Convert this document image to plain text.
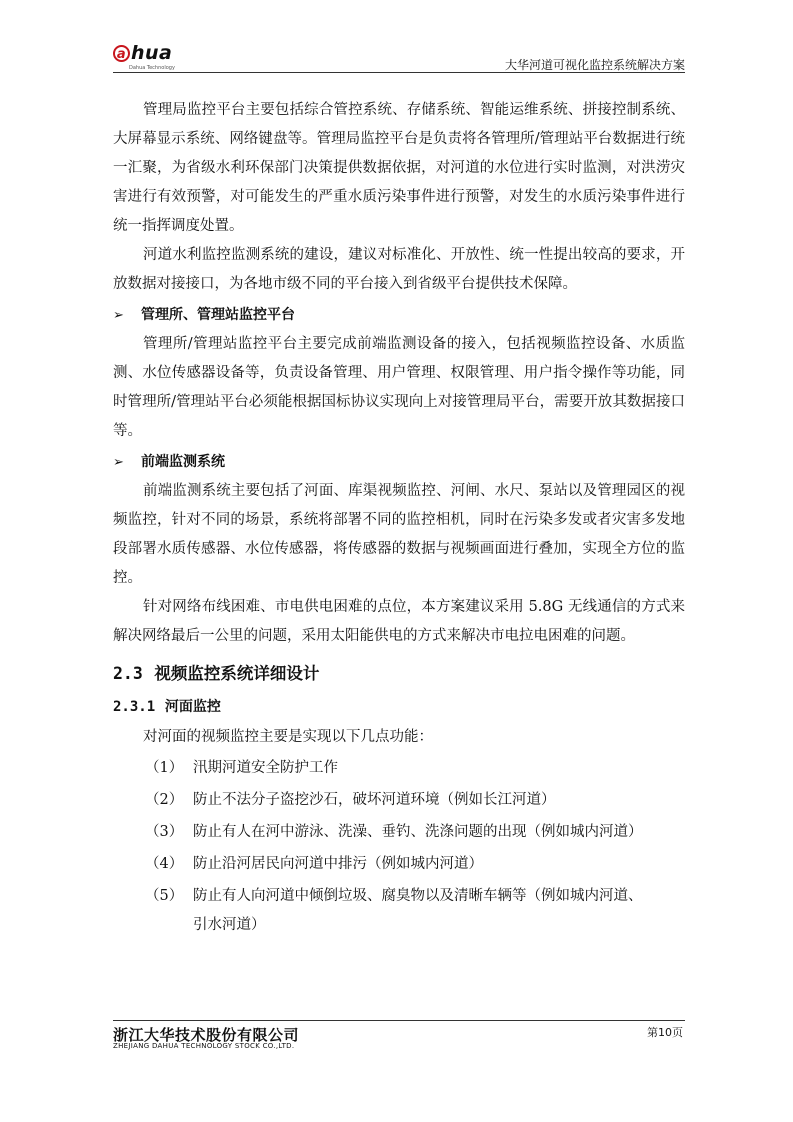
a hua
Dahua Technology	大华河道可视化监控系统解决方案

管理局监控平台主要包括综合管控系统、存储系统、智能运维系统、拼接控制系统、大屏幕显示系统、网络键盘等。管理局监控平台是负责将各管理所/管理站平台数据进行统一汇聚，为省级水利环保部门决策提供数据依据，对河道的水位进行实时监测，对洪涝灾害进行有效预警，对可能发生的严重水质污染事件进行预警，对发生的水质污染事件进行统一指挥调度处置。

河道水利监控监测系统的建设，建议对标准化、开放性、统一性提出较高的要求，开放数据对接接口，为各地市级不同的平台接入到省级平台提供技术保障。

➢ 管理所、管理站监控平台

管理所/管理站监控平台主要完成前端监测设备的接入，包括视频监控设备、水质监测、水位传感器设备等，负责设备管理、用户管理、权限管理、用户指令操作等功能，同时管理所/管理站平台必须能根据国标协议实现向上对接管理局平台，需要开放其数据接口等。

➢ 前端监测系统

前端监测系统主要包括了河面、库渠视频监控、河闸、水尺、泵站以及管理园区的视频监控，针对不同的场景，系统将部署不同的监控相机，同时在污染多发或者灾害多发地段部署水质传感器、水位传感器，将传感器的数据与视频画面进行叠加，实现全方位的监控。

针对网络布线困难、市电供电困难的点位，本方案建议采用 5.8G 无线通信的方式来解决网络最后一公里的问题，采用太阳能供电的方式来解决市电拉电困难的问题。

2.3 视频监控系统详细设计
2.3.1 河面监控

对河面的视频监控主要是实现以下几点功能：

（1） 汛期河道安全防护工作
（2） 防止不法分子盗挖沙石，破坏河道环境（例如长江河道）
（3） 防止有人在河中游泳、洗澡、垂钓、洗涤问题的出现（例如城内河道）
（4） 防止沿河居民向河道中排污（例如城内河道）
（5） 防止有人向河道中倾倒垃圾、腐臭物以及清晰车辆等（例如城内河道、
引水河道）
浙江大华技术股份有限公司
ZHEJIANG DAHUA TECHNOLOGY STOCK CO.,LTD.
第10页
